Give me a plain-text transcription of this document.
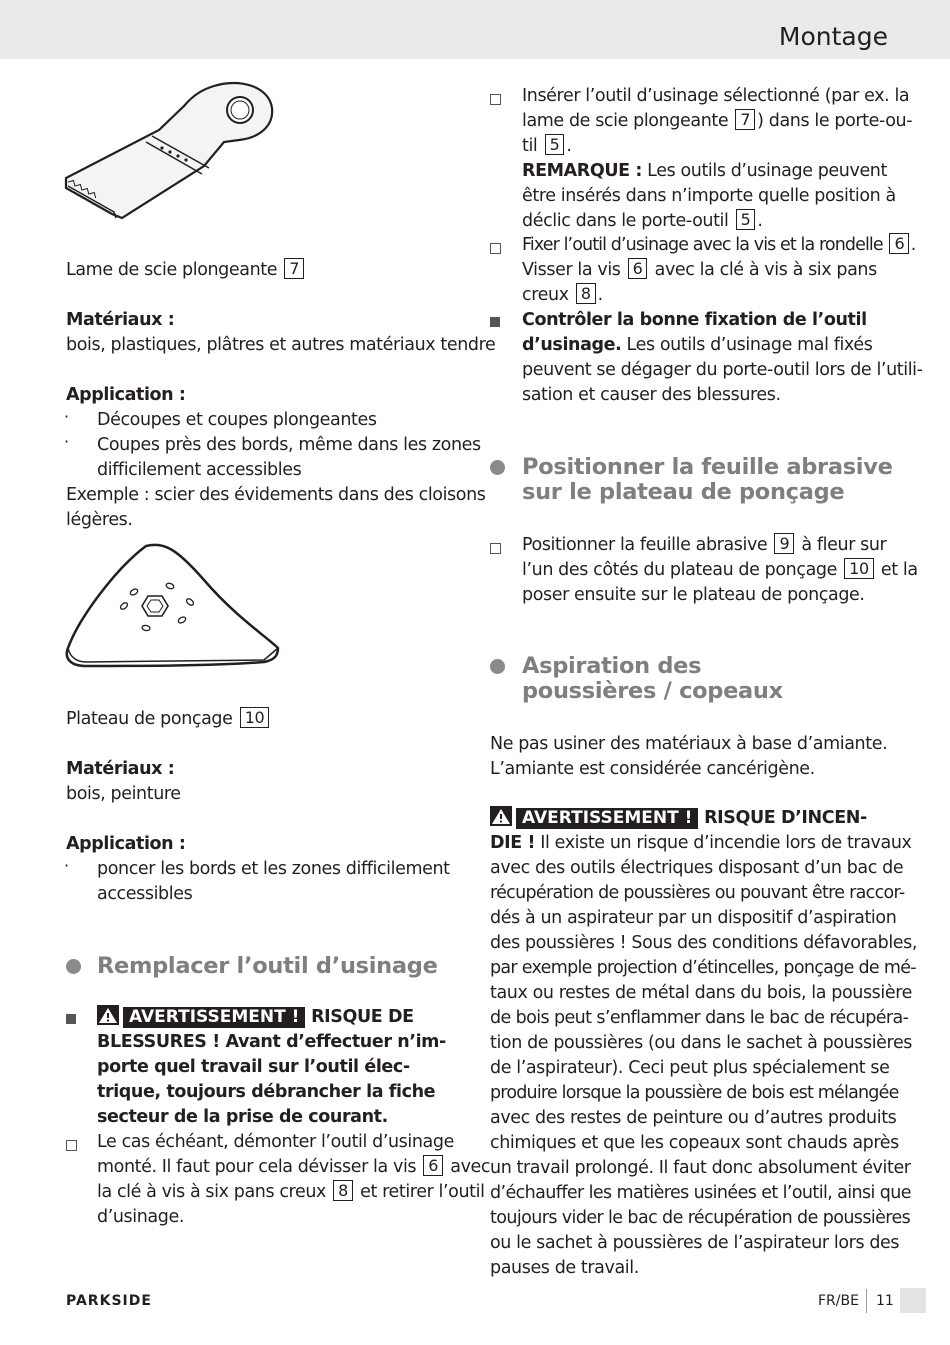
Montage
Lame de scie plongeante 7
Matériaux :
bois, plastiques, plâtres et autres matériaux tendre
Application :
· Découpes et coupes plongeantes
· Coupes près des bords, même dans les zones
difficilement accessibles
Exemple : scier des évidements dans des cloisons
légères.
Plateau de ponçage 10
Matériaux :
bois, peinture
Application :
· poncer les bords et les zones difficilement
accessibles
Remplacer l’outil d’usinage
AVERTISSEMENT ! RISQUE DE
BLESSURES ! Avant d’effectuer n’im-
porte quel travail sur l’outil élec-
trique, toujours débrancher la fiche
secteur de la prise de courant.
Le cas échéant, démonter l’outil d’usinage
monté. Il faut pour cela dévisser la vis 6 avec
la clé à vis à six pans creux 8 et retirer l’outil
d’usinage.
Insérer l’outil d’usinage sélectionné (par ex. la
lame de scie plongeante 7 ) dans le porte-ou-
til 5 .
REMARQUE : Les outils d’usinage peuvent
être insérés dans n’importe quelle position à
déclic dans le porte-outil 5 .
Fixer l’outil d’usinage avec la vis et la rondelle 6 .
Visser la vis 6 avec la clé à vis à six pans
creux 8 .
Contrôler la bonne fixation de l’outil
d’usinage. Les outils d’usinage mal fixés
peuvent se dégager du porte-outil lors de l’utili-
sation et causer des blessures.
Positionner la feuille abrasive
sur le plateau de ponçage
Positionner la feuille abrasive 9 à fleur sur
l’un des côtés du plateau de ponçage 10 et la
poser ensuite sur le plateau de ponçage.
Aspiration des
poussières / copeaux
Ne pas usiner des matériaux à base d’amiante.
L’amiante est considérée cancérigène.
AVERTISSEMENT ! RISQUE D’INCEN-
DIE ! Il existe un risque d’incendie lors de travaux
avec des outils électriques disposant d’un bac de
récupération de poussières ou pouvant être raccor-
dés à un aspirateur par un dispositif d’aspiration
des poussières ! Sous des conditions défavorables,
par exemple projection d’étincelles, ponçage de mé-
taux ou restes de métal dans du bois, la poussière
de bois peut s’enflammer dans le bac de récupéra-
tion de poussières (ou dans le sachet à poussières
de l’aspirateur). Ceci peut plus spécialement se
produire lorsque la poussière de bois est mélangée
avec des restes de peinture ou d’autres produits
chimiques et que les copeaux sont chauds après
un travail prolongé. Il faut donc absolument éviter
d’échauffer les matières usinées et l’outil, ainsi que
toujours vider le bac de récupération de poussières
ou le sachet à poussières de l’aspirateur lors des
pauses de travail.
PARKSIDE	FR/BE 11
